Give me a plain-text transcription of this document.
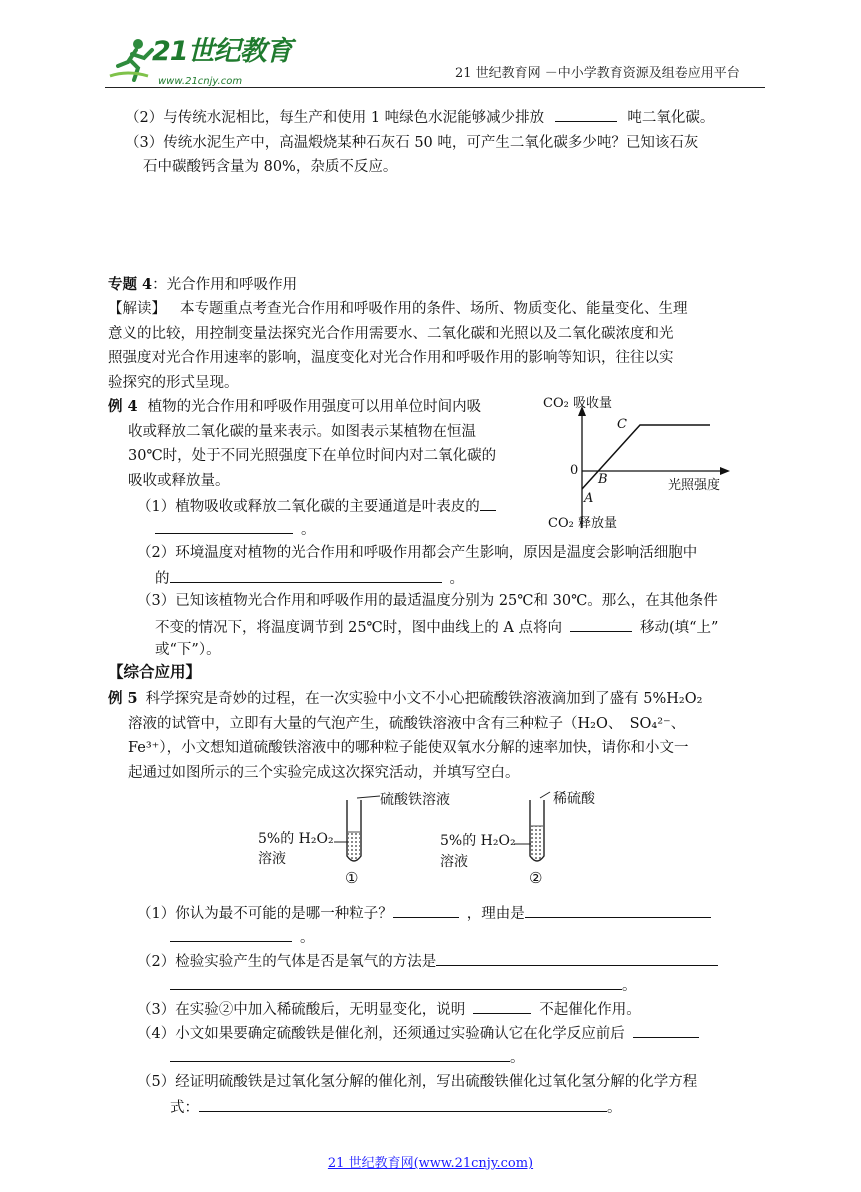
21世纪教育
www.21cnjy.com
21 世纪教育网 －中小学教育资源及组卷应用平台
（2）与传统水泥相比，每生产和使用 1 吨绿色水泥能够减少排放	吨二氧化碳。
（3）传统水泥生产中，高温煅烧某种石灰石 50 吨，可产生二氧化碳多少吨？已知该石灰
石中碳酸钙含量为 80%，杂质不反应。
专题 4：光合作用和呼吸作用
【解读】 本专题重点考查光合作用和呼吸作用的条件、场所、物质变化、能量变化、生理
意义的比较，用控制变量法探究光合作用需要水、二氧化碳和光照以及二氧化碳浓度和光
照强度对光合作用速率的影响，温度变化对光合作用和呼吸作用的影响等知识，往往以实
验探究的形式呈现。
例 4 植物的光合作用和呼吸作用强度可以用单位时间内吸
收或释放二氧化碳的量来表示。如图表示某植物在恒温
30℃时，处于不同光照强度下在单位时间内对二氧化碳的
吸收或释放量。
CO₂ 吸收量
CO₂ 释放量
光照强度
0
A
B
C
（1）植物吸收或释放二氧化碳的主要通道是叶表皮的
。
（2）环境温度对植物的光合作用和呼吸作用都会产生影响，原因是温度会影响活细胞中
的	。
（3）已知该植物光合作用和呼吸作用的最适温度分别为 25℃和 30℃。那么，在其他条件
不变的情况下，将温度调节到 25℃时，图中曲线上的 A 点将向	移动(填“上”
或“下”）。
【综合应用】
例 5 科学探究是奇妙的过程，在一次实验中小文不小心把硫酸铁溶液滴加到了盛有 5%H₂O₂
溶液的试管中，立即有大量的气泡产生，硫酸铁溶液中含有三种粒子（H₂O、　SO₄²⁻、
Fe³⁺），小文想知道硫酸铁溶液中的哪种粒子能使双氧水分解的速率加快，请你和小文一
起通过如图所示的三个实验完成这次探究活动，并填写空白。
硫酸铁溶液
5%的 H₂O₂
溶液
①
稀硫酸
5%的 H₂O₂
溶液
②
（1）你认为最不可能的是哪一种粒子？	，理由是
。
（2）检验实验产生的气体是否是氧气的方法是
。
（3）在实验②中加入稀硫酸后，无明显变化，说明	不起催化作用。
（4）小文如果要确定硫酸铁是催化剂，还须通过实验确认它在化学反应前后
。
（5）经证明硫酸铁是过氧化氢分解的催化剂，写出硫酸铁催化过氧化氢分解的化学方程
式：	。
21 世纪教育网(www.21cnjy.com)
